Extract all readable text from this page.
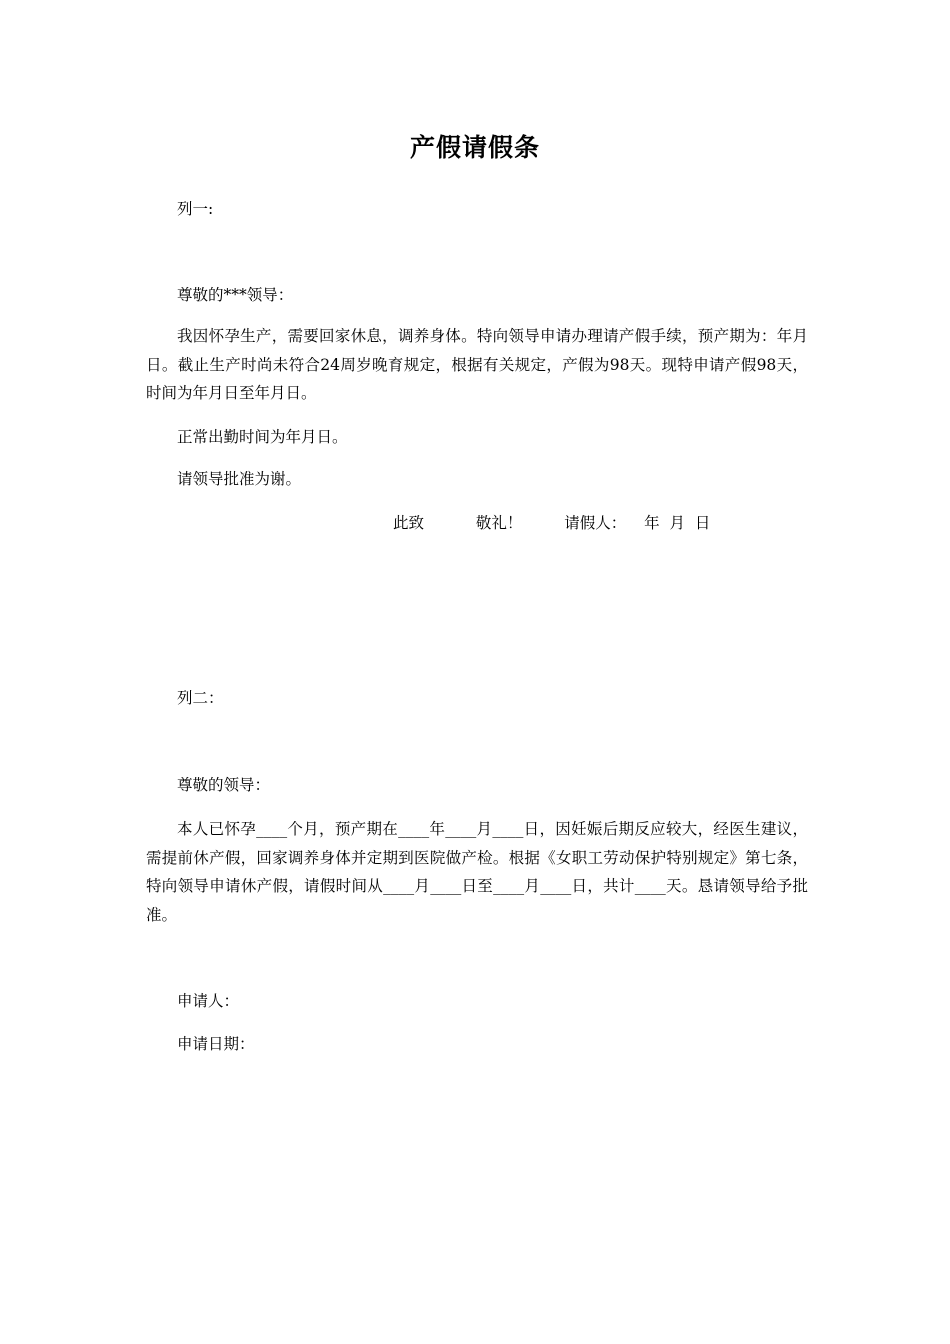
产假请假条
列一:
尊敬的***领导：
我因怀孕生产，需要回家休息，调养身体。特向领导申请办理请产假手续，预产期为：年月日。截止生产时尚未符合24周岁晚育规定，根据有关规定，产假为98天。现特申请产假98天，时间为年月日至年月日。
正常出勤时间为年月日。
请领导批准为谢。
此致	敬礼！	请假人： 年  月  日
列二：
尊敬的领导：
本人已怀孕____个月，预产期在____年____月____日，因妊娠后期反应较大，经医生建议，需提前休产假，回家调养身体并定期到医院做产检。根据《女职工劳动保护特别规定》第七条，特向领导申请休产假，请假时间从____月____日至____月____日，共计____天。恳请领导给予批准。
申请人：
申请日期：
